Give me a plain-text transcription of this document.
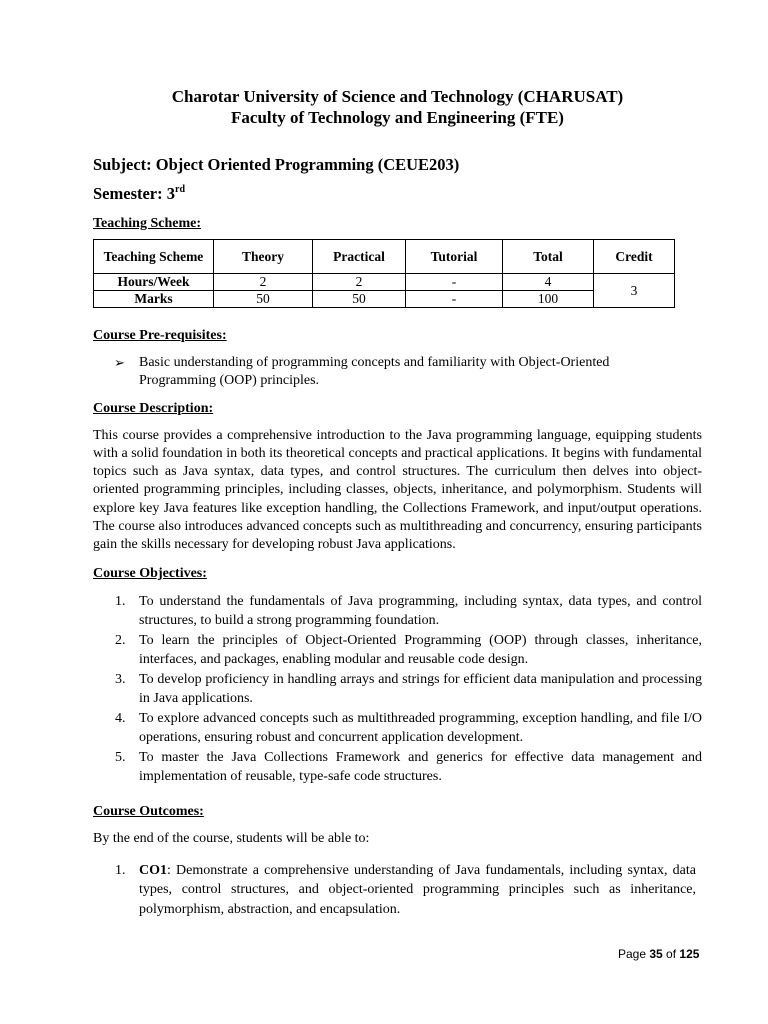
Charotar University of Science and Technology (CHARUSAT)
Faculty of Technology and Engineering (FTE)
Subject: Object Oriented Programming (CEUE203)
Semester: 3rd
Teaching Scheme:
Teaching Scheme	Theory	Practical	Tutorial	Total	Credit
Hours/Week	2	2	-	4	3
Marks	50	50	-	100	
Course Pre-requisites:
➢ Basic understanding of programming concepts and familiarity with Object-Oriented Programming (OOP) principles.
Course Description:
This course provides a comprehensive introduction to the Java programming language, equipping students with a solid foundation in both its theoretical concepts and practical applications. It begins with fundamental topics such as Java syntax, data types, and control structures. The curriculum then delves into object-oriented programming principles, including classes, objects, inheritance, and polymorphism. Students will explore key Java features like exception handling, the Collections Framework, and input/output operations. The course also introduces advanced concepts such as multithreading and concurrency, ensuring participants gain the skills necessary for developing robust Java applications.
Course Objectives:
1. To understand the fundamentals of Java programming, including syntax, data types, and control structures, to build a strong programming foundation.
2. To learn the principles of Object-Oriented Programming (OOP) through classes, inheritance, interfaces, and packages, enabling modular and reusable code design.
3. To develop proficiency in handling arrays and strings for efficient data manipulation and processing in Java applications.
4. To explore advanced concepts such as multithreaded programming, exception handling, and file I/O operations, ensuring robust and concurrent application development.
5. To master the Java Collections Framework and generics for effective data management and implementation of reusable, type-safe code structures.
Course Outcomes:
By the end of the course, students will be able to:
1. CO1: Demonstrate a comprehensive understanding of Java fundamentals, including syntax, data types, control structures, and object-oriented programming principles such as inheritance, polymorphism, abstraction, and encapsulation.
Page 35 of 125
